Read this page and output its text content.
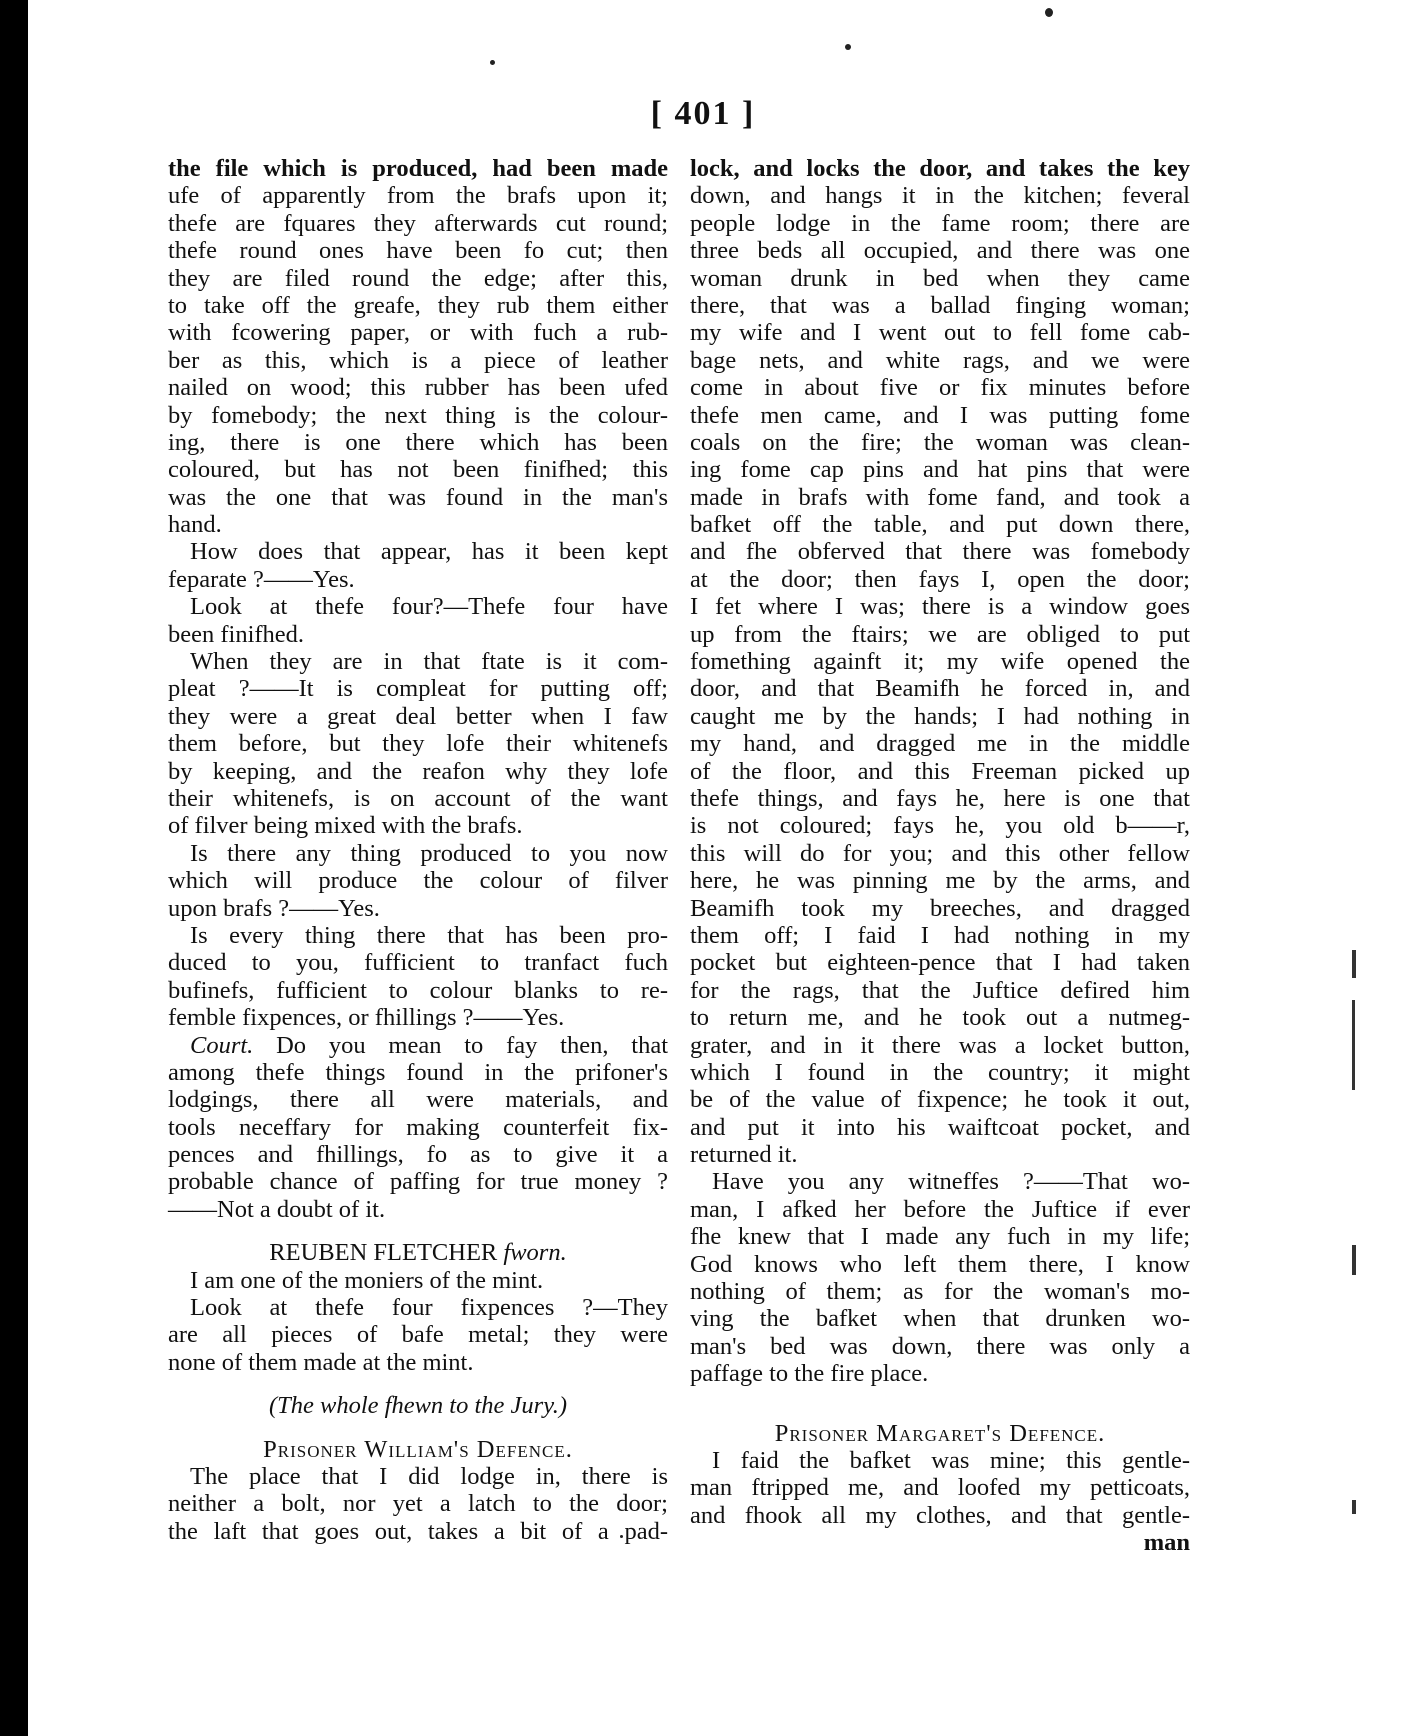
[ 401 ]
the file which is produced, had been made
ufe of apparently from the brafs upon it;
thefe are fquares they afterwards cut round;
thefe round ones have been fo cut; then
they are filed round the edge; after this,
to take off the greafe, they rub them either
with fcowering paper, or with fuch a rub-
ber as this, which is a piece of leather
nailed on wood; this rubber has been ufed
by fomebody; the next thing is the colour-
ing, there is one there which has been
coloured, but has not been finifhed; this
was the one that was found in the man's
hand.
How does that appear, has it been kept
feparate ?——Yes.
Look at thefe four?—Thefe four have
been finifhed.
When they are in that ftate is it com-
pleat ?——It is compleat for putting off;
they were a great deal better when I faw
them before, but they lofe their whitenefs
by keeping, and the reafon why they lofe
their whitenefs, is on account of the want
of filver being mixed with the brafs.
Is there any thing produced to you now
which will produce the colour of filver
upon brafs ?——Yes.
Is every thing there that has been pro-
duced to you, fufficient to tranfact fuch
bufinefs, fufficient to colour blanks to re-
femble fixpences, or fhillings ?——Yes.
Court. Do you mean to fay then, that
among thefe things found in the prifoner's
lodgings, there all were materials, and
tools neceffary for making counterfeit fix-
pences and fhillings, fo as to give it a
probable chance of paffing for true money ?
——Not a doubt of it.
REUBEN FLETCHER fworn.
I am one of the moniers of the mint.
Look at thefe four fixpences ?—They
are all pieces of bafe metal; they were
none of them made at the mint.
(The whole fhewn to the Jury.)
Prisoner William's Defence.
The place that I did lodge in, there is
neither a bolt, nor yet a latch to the door;
the laft that goes out, takes a bit of a pad-
lock, and locks the door, and takes the key
down, and hangs it in the kitchen; feveral
people lodge in the fame room; there are
three beds all occupied, and there was one
woman drunk in bed when they came
there, that was a ballad finging woman;
my wife and I went out to fell fome cab-
bage nets, and white rags, and we were
come in about five or fix minutes before
thefe men came, and I was putting fome
coals on the fire; the woman was clean-
ing fome cap pins and hat pins that were
made in brafs with fome fand, and took a
bafket off the table, and put down there,
and fhe obferved that there was fomebody
at the door; then fays I, open the door;
I fet where I was; there is a window goes
up from the ftairs; we are obliged to put
fomething againft it; my wife opened the
door, and that Beamifh he forced in, and
caught me by the hands; I had nothing in
my hand, and dragged me in the middle
of the floor, and this Freeman picked up
thefe things, and fays he, here is one that
is not coloured; fays he, you old b——r,
this will do for you; and this other fellow
here, he was pinning me by the arms, and
Beamifh took my breeches, and dragged
them off; I faid I had nothing in my
pocket but eighteen-pence that I had taken
for the rags, that the Juftice defired him
to return me, and he took out a nutmeg-
grater, and in it there was a locket button,
which I found in the country; it might
be of the value of fixpence; he took it out,
and put it into his waiftcoat pocket, and
returned it.
Have you any witneffes ?——That wo-
man, I afked her before the Juftice if ever
fhe knew that I made any fuch in my life;
God knows who left them there, I know
nothing of them; as for the woman's mo-
ving the bafket when that drunken wo-
man's bed was down, there was only a
paffage to the fire place.
Prisoner Margaret's Defence.
I faid the bafket was mine; this gentle-
man ftripped me, and loofed my petticoats,
and fhook all my clothes, and that gentle-
man
